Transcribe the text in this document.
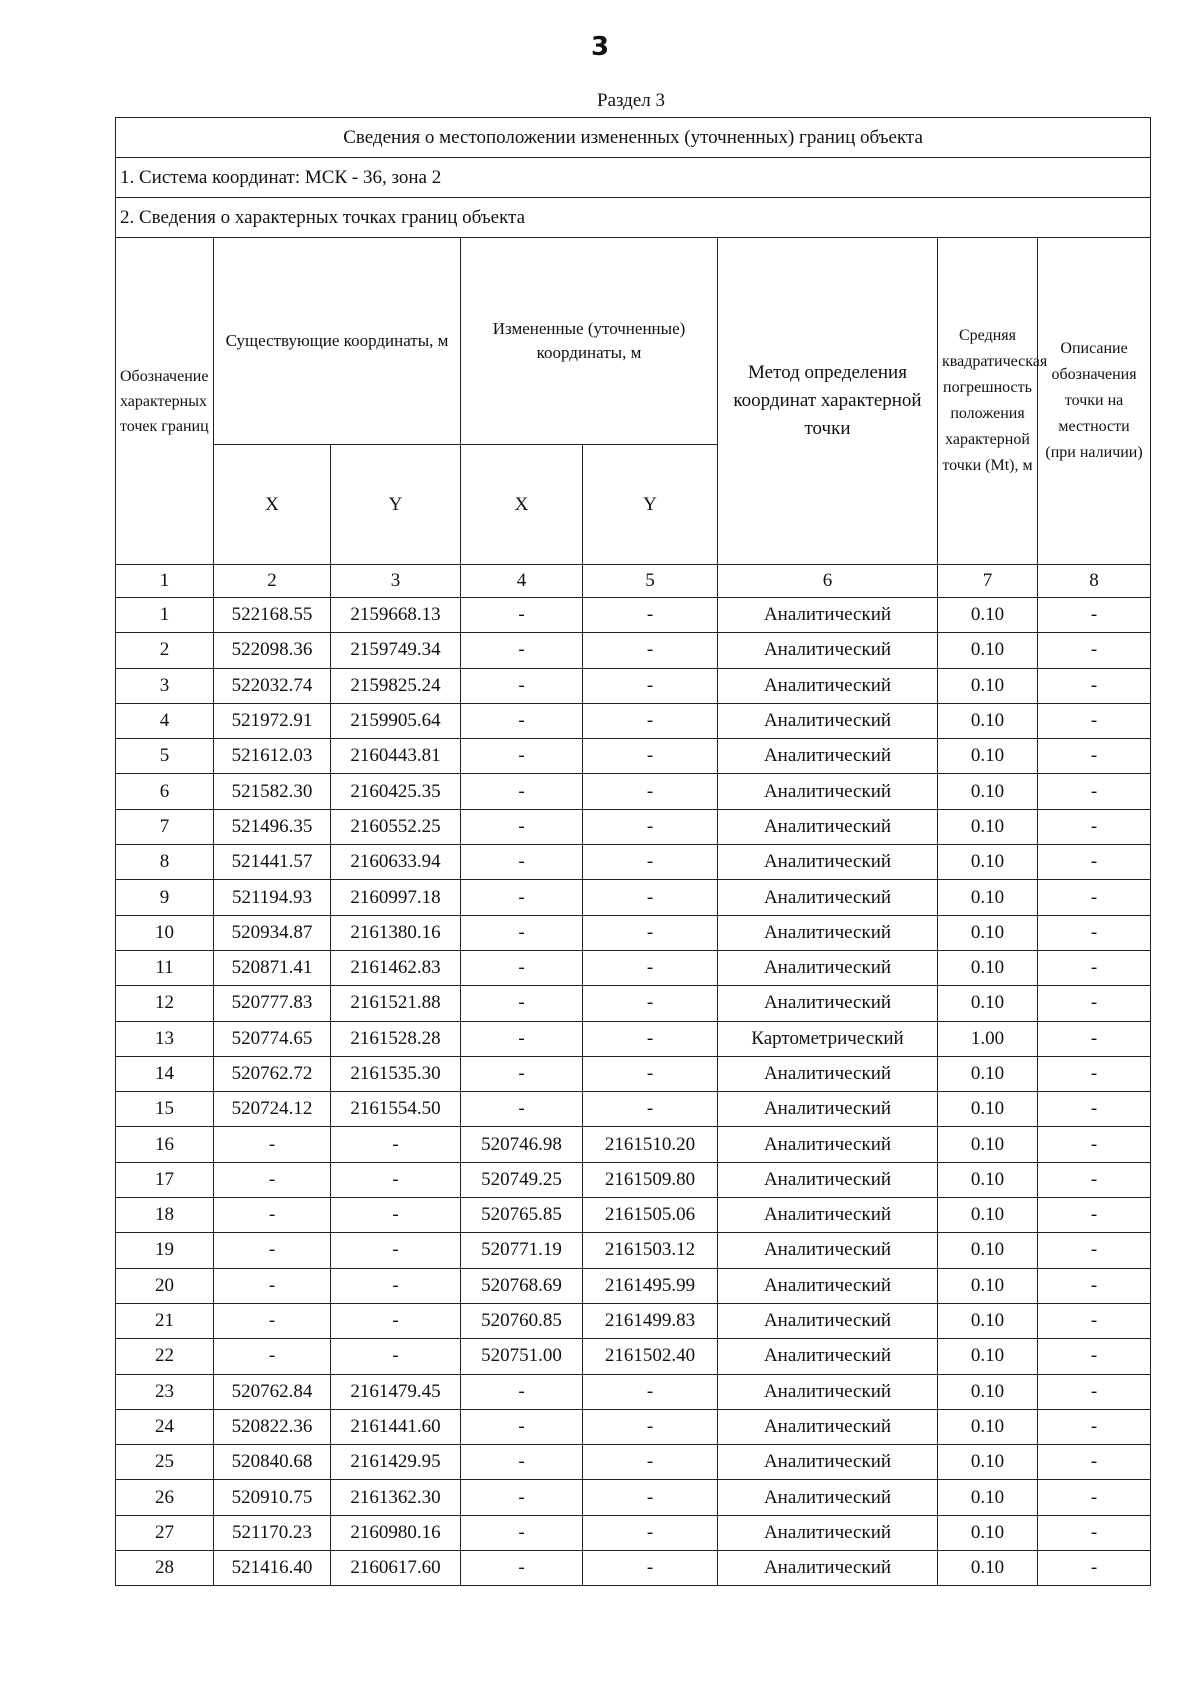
3
Раздел 3
Сведения о местоположении измененных (уточненных) границ объекта							
1. Система координат: МСК - 36, зона 2							
2. Сведения о характерных точках границ объекта							
Обозначение характерных точек границ	Существующие координаты, м		Измененные (уточненные) координаты, м		Метод определения координат характерной точки	Средняя квадратическая погрешность положения характерной точки (Mt), м	Описание обозначения точки на местности (при наличии)
	X	Y	X	Y			
1	2	3	4	5	6	7	8
1	522168.55	2159668.13	-	-	Аналитический	0.10	-
2	522098.36	2159749.34	-	-	Аналитический	0.10	-
3	522032.74	2159825.24	-	-	Аналитический	0.10	-
4	521972.91	2159905.64	-	-	Аналитический	0.10	-
5	521612.03	2160443.81	-	-	Аналитический	0.10	-
6	521582.30	2160425.35	-	-	Аналитический	0.10	-
7	521496.35	2160552.25	-	-	Аналитический	0.10	-
8	521441.57	2160633.94	-	-	Аналитический	0.10	-
9	521194.93	2160997.18	-	-	Аналитический	0.10	-
10	520934.87	2161380.16	-	-	Аналитический	0.10	-
11	520871.41	2161462.83	-	-	Аналитический	0.10	-
12	520777.83	2161521.88	-	-	Аналитический	0.10	-
13	520774.65	2161528.28	-	-	Картометрический	1.00	-
14	520762.72	2161535.30	-	-	Аналитический	0.10	-
15	520724.12	2161554.50	-	-	Аналитический	0.10	-
16	-	-	520746.98	2161510.20	Аналитический	0.10	-
17	-	-	520749.25	2161509.80	Аналитический	0.10	-
18	-	-	520765.85	2161505.06	Аналитический	0.10	-
19	-	-	520771.19	2161503.12	Аналитический	0.10	-
20	-	-	520768.69	2161495.99	Аналитический	0.10	-
21	-	-	520760.85	2161499.83	Аналитический	0.10	-
22	-	-	520751.00	2161502.40	Аналитический	0.10	-
23	520762.84	2161479.45	-	-	Аналитический	0.10	-
24	520822.36	2161441.60	-	-	Аналитический	0.10	-
25	520840.68	2161429.95	-	-	Аналитический	0.10	-
26	520910.75	2161362.30	-	-	Аналитический	0.10	-
27	521170.23	2160980.16	-	-	Аналитический	0.10	-
28	521416.40	2160617.60	-	-	Аналитический	0.10	-
